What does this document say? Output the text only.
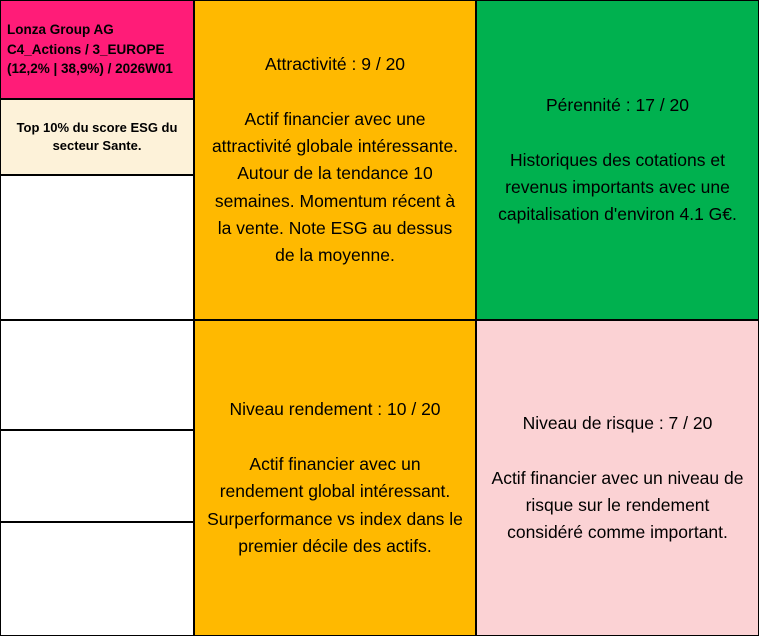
Lonza Group AG
C4_Actions / 3_EUROPE
(12,2% | 38,9%) / 2026W01
Top 10% du score ESG du secteur Sante.

Attractivité : 9 / 20

Actif financier avec une attractivité globale intéressante. Autour de la tendance 10 semaines. Momentum récent à la vente. Note ESG au dessus de la moyenne.

Pérennité : 17 / 20

Historiques des cotations et revenus importants avec une capitalisation d'environ 4.1 G€.

Niveau rendement : 10 / 20

Actif financier avec un rendement global intéressant. Surperformance vs index dans le premier décile des actifs.

Niveau de risque : 7 / 20

Actif financier avec un niveau de risque sur le rendement considéré comme important.
